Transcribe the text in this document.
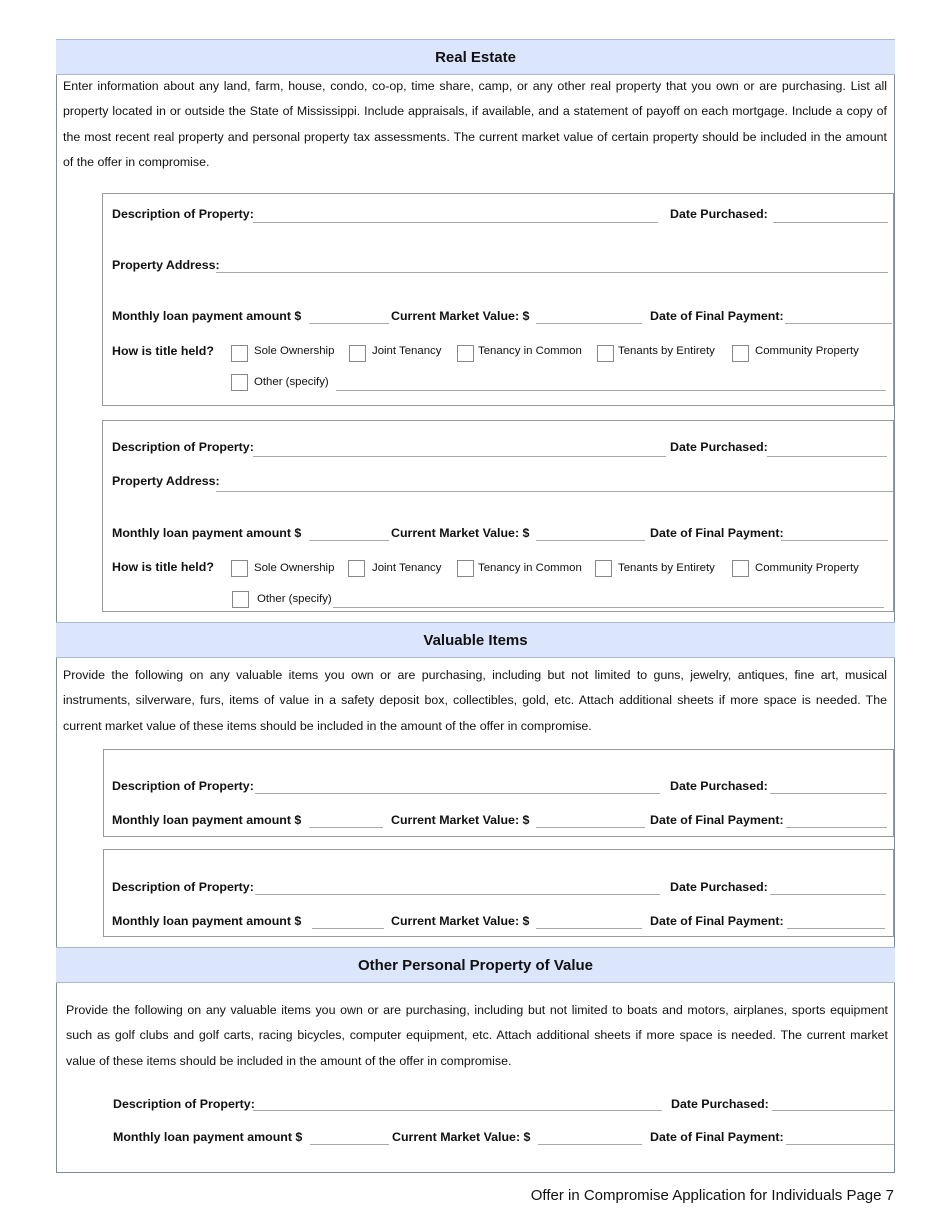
Real Estate
Enter information about any land, farm, house, condo, co-op, time share, camp, or any other real property that you own or are purchasing. List all property located in or outside the State of Mississippi. Include appraisals, if available, and a statement of payoff on each mortgage. Include a copy of the most recent real property and personal property tax assessments. The current market value of certain property should be included in the amount of the offer in compromise.
Description of Property:	Date Purchased:
Property Address:
Monthly loan payment amount $	Current Market Value: $	Date of Final Payment:
How is title held?	Sole Ownership	Joint Tenancy	Tenancy in Common	Tenants by Entirety	Community Property
Other (specify)
Description of Property:	Date Purchased:
Property Address:
Monthly loan payment amount $	Current Market Value: $	Date of Final Payment:
How is title held?	Sole Ownership	Joint Tenancy	Tenancy in Common	Tenants by Entirety	Community Property
Other (specify)
Valuable Items
Provide the following on any valuable items you own or are purchasing, including but not limited to guns, jewelry, antiques, fine art, musical instruments, silverware, furs, items of value in a safety deposit box, collectibles, gold, etc. Attach additional sheets if more space is needed. The current market value of these items should be included in the amount of the offer in compromise.
Description of Property:	Date Purchased:
Monthly loan payment amount $	Current Market Value: $	Date of Final Payment:
Description of Property:	Date Purchased:
Monthly loan payment amount $	Current Market Value: $	Date of Final Payment:
Other Personal Property of Value
Provide the following on any valuable items you own or are purchasing, including but not limited to boats and motors, airplanes, sports equipment such as golf clubs and golf carts, racing bicycles, computer equipment, etc. Attach additional sheets if more space is needed. The current market value of these items should be included in the amount of the offer in compromise.
Description of Property:	Date Purchased:
Monthly loan payment amount $	Current Market Value: $	Date of Final Payment:
Offer in Compromise Application for Individuals Page 7
